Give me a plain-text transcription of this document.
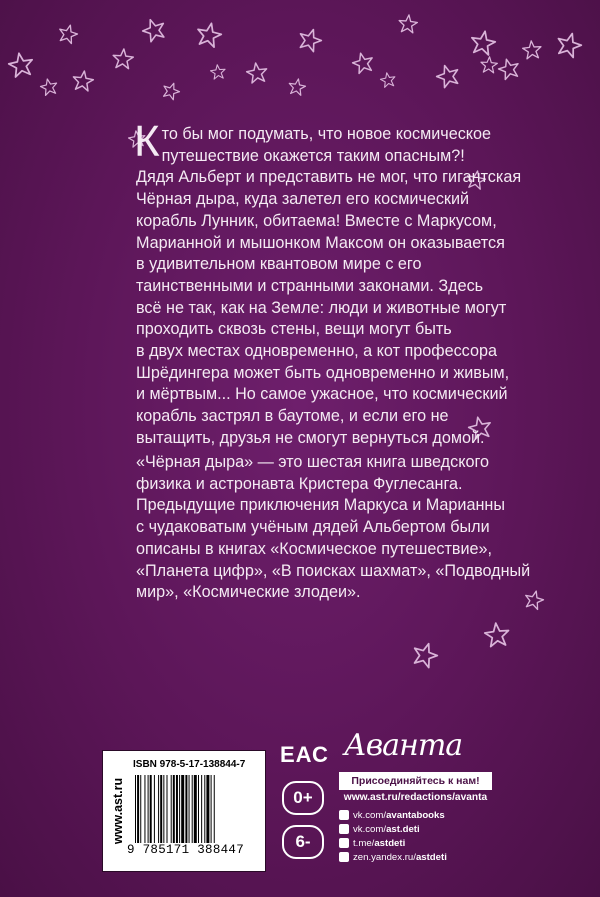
К то бы мог подумать, что новое космическое
путешествие окажется таким опасным?!
Дядя Альберт и представить не мог, что гигантская
Чёрная дыра, куда залетел его космический
корабль Лунник, обитаема! Вместе с Маркусом,
Марианной и мышонком Максом он оказывается
в удивительном квантовом мире с его
таинственными и странными законами. Здесь
всё не так, как на Земле: люди и животные могут
проходить сквозь стены, вещи могут быть
в двух местах одновременно, а кот профессора
Шрёдингера может быть одновременно и живым,
и мёртвым... Но самое ужасное, что космический
корабль застрял в баутоме, и если его не
вытащить, друзья не смогут вернуться домой.
«Чёрная дыра» — это шестая книга шведского
физика и астронавта Кристера Фуглесанга.
Предыдущие приключения Маркуса и Марианны
с чудаковатым учёным дядей Альбертом были
описаны в книгах «Космическое путешествие»,
«Планета цифр», «В поисках шахмат», «Подводный
мир», «Космические злодеи».
www.ast.ru
ISBN 978-5-17-138844-7
9 785171 388447
ЕАС
0+
6-
Аванта
Присоединяйтесь к нам!
www.ast.ru/redactions/avanta
vk.com/ avantabooks
vk.com/ ast.deti
t.me/ astdeti
zen.yandex.ru/ astdeti
